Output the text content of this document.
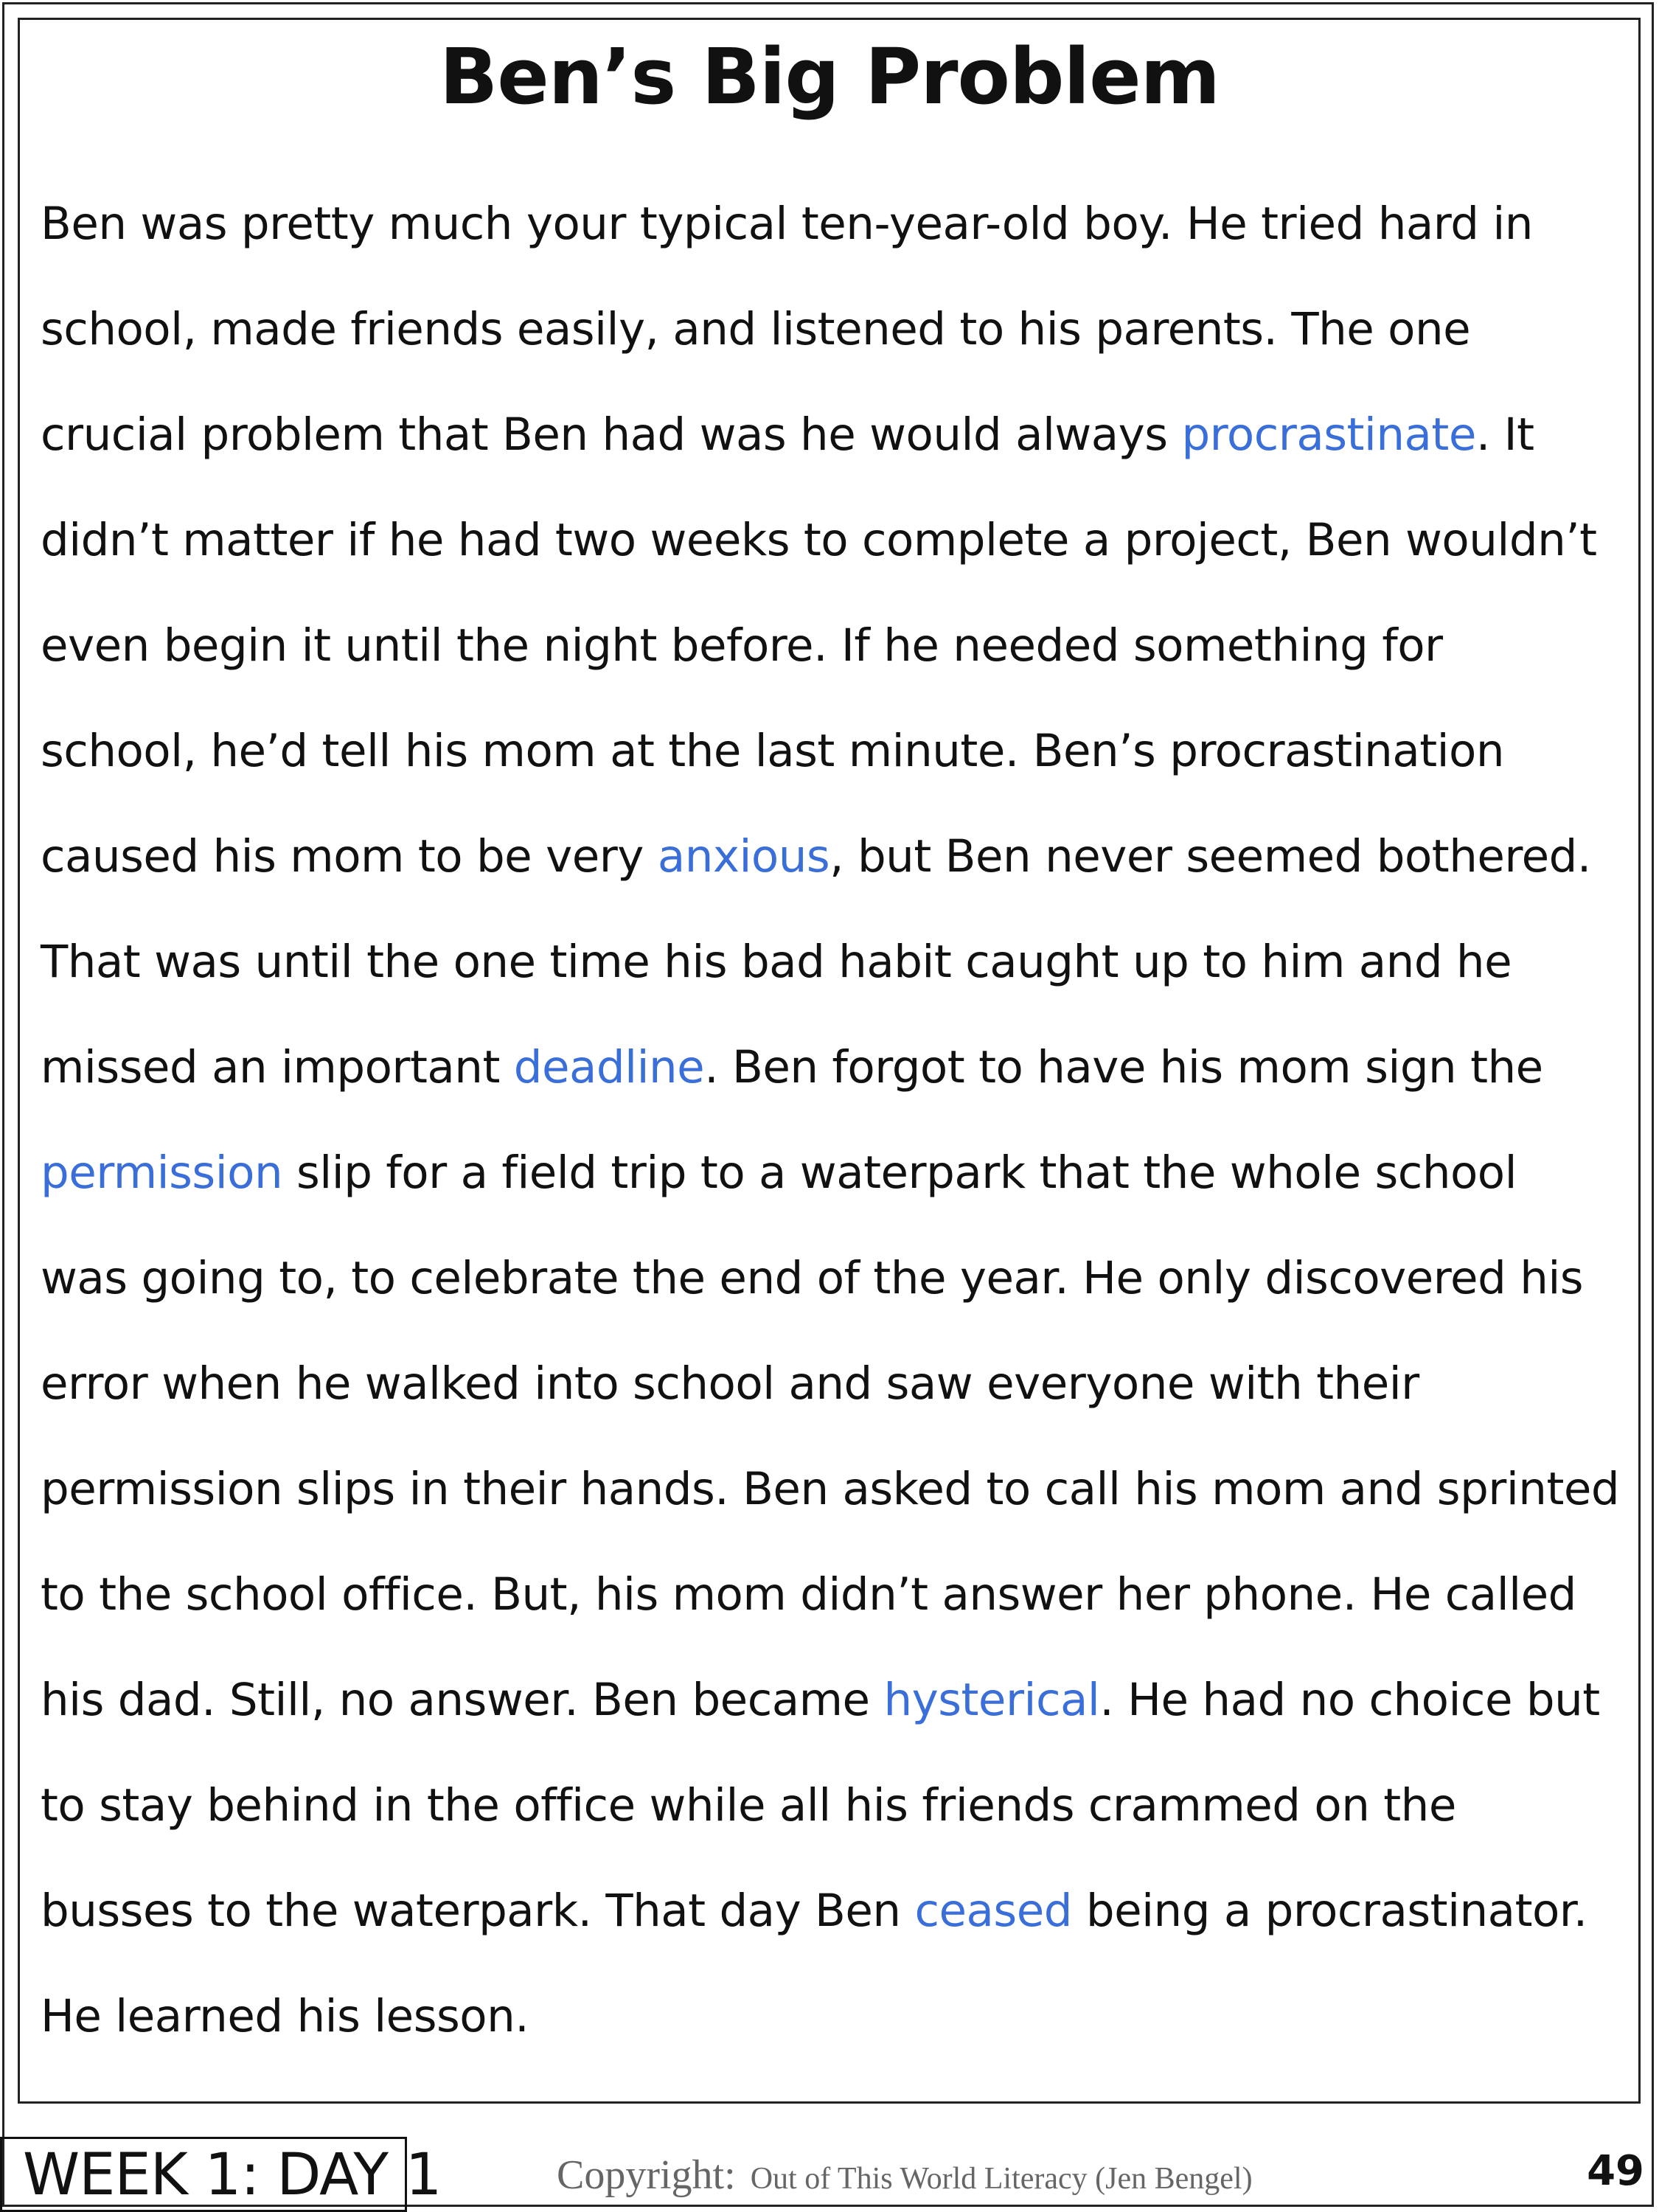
Ben’s Big Problem
Ben was pretty much your typical ten-year-old boy. He tried hard in
school, made friends easily, and listened to his parents. The one
crucial problem that Ben had was he would always procrastinate. It
didn’t matter if he had two weeks to complete a project, Ben wouldn’t
even begin it until the night before. If he needed something for
school, he’d tell his mom at the last minute. Ben’s procrastination
caused his mom to be very anxious, but Ben never seemed bothered.
That was until the one time his bad habit caught up to him and he
missed an important deadline. Ben forgot to have his mom sign the
permission slip for a field trip to a waterpark that the whole school
was going to, to celebrate the end of the year. He only discovered his
error when he walked into school and saw everyone with their
permission slips in their hands. Ben asked to call his mom and sprinted
to the school office. But, his mom didn’t answer her phone. He called
his dad. Still, no answer. Ben became hysterical. He had no choice but
to stay behind in the office while all his friends crammed on the
busses to the waterpark. That day Ben ceased being a procrastinator.
He learned his lesson.
WEEK 1: DAY 1	Copyright: Out of This World Literacy (Jen Bengel)	49
